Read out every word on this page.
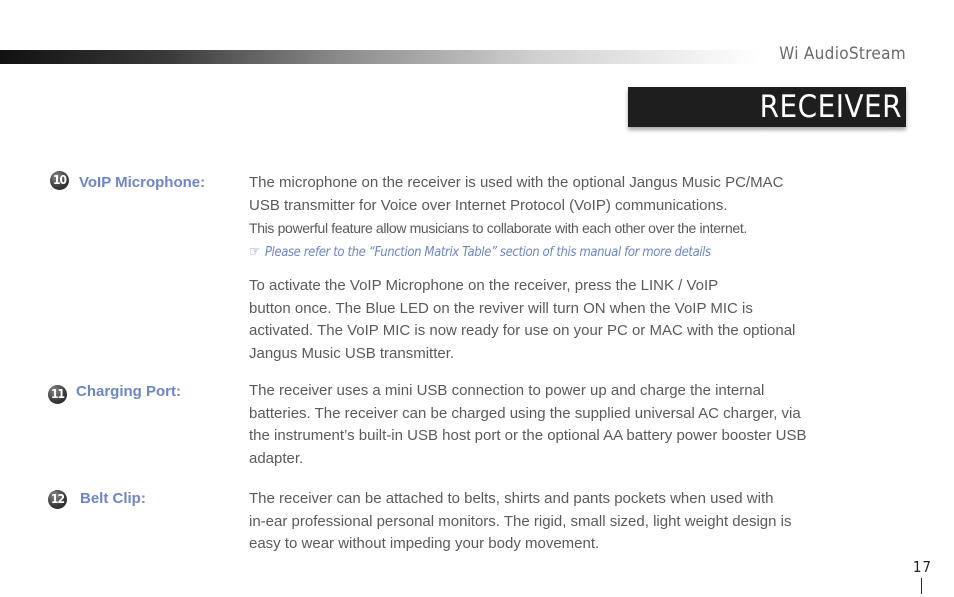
Wi AudioStream
RECEIVER FEATURES
10 VoIP Microphone:	The microphone on the receiver is used with the optional Jangus Music PC/MAC
USB transmitter for Voice over Internet Protocol (VoIP) communications.
This powerful feature allow musicians to collaborate with each other over the internet.
☞ Please refer to the “Function Matrix Table” section of this manual for more details
To activate the VoIP Microphone on the receiver, press the LINK / VoIP
button once. The Blue LED on the reviver will turn ON when the VoIP MIC is
activated. The VoIP MIC is now ready for use on your PC or MAC with the optional
Jangus Music USB transmitter.
11 Charging Port:	The receiver uses a mini USB connection to power up and charge the internal
batteries. The receiver can be charged using the supplied universal AC charger, via
the instrument’s built-in USB host port or the optional AA battery power booster USB
adapter.
12 Belt Clip:	The receiver can be attached to belts, shirts and pants pockets when used with
in-ear professional personal monitors. The rigid, small sized, light weight design is
easy to wear without impeding your body movement.
17
